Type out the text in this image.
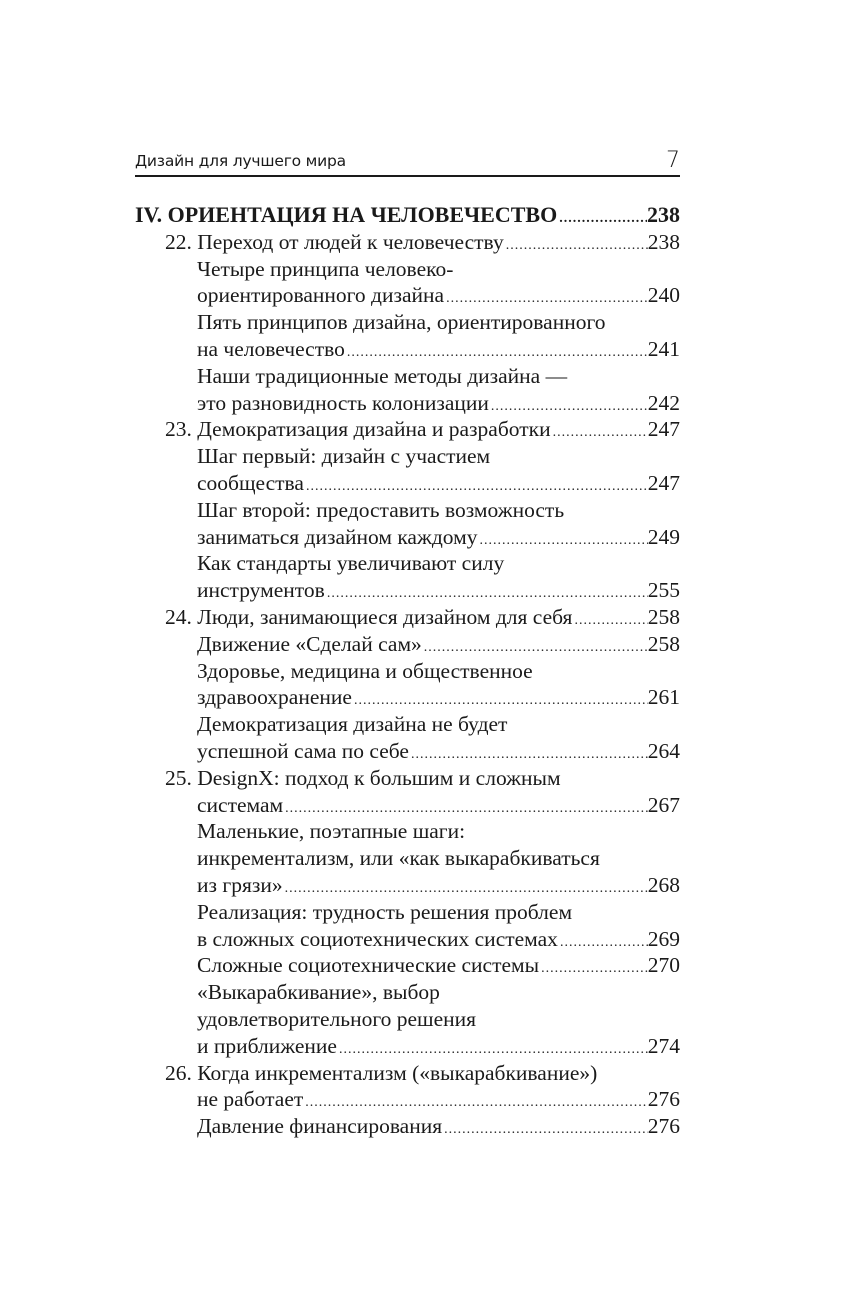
Дизайн для лучшего мира	7
IV. ОРИЕНТАЦИЯ НА ЧЕЛОВЕЧЕСТВО .....	238
22. Переход от людей к человечеству .....	238
Четыре принципа человеко-
ориентированного дизайна .....	240
Пять принципов дизайна, ориентированного
на человечество .....	241
Наши традиционные методы дизайна —
это разновидность колонизации .....	242
23. Демократизация дизайна и разработки .....	247
Шаг первый: дизайн с участием
сообщества .....	247
Шаг второй: предоставить возможность
заниматься дизайном каждому .....	249
Как стандарты увеличивают силу
инструментов .....	255
24. Люди, занимающиеся дизайном для себя .....	258
Движение «Сделай сам» .....	258
Здоровье, медицина и общественное
здравоохранение .....	261
Демократизация дизайна не будет
успешной сама по себе .....	264
25. DesignX: подход к большим и сложным
системам .....	267
Маленькие, поэтапные шаги:
инкрементализм, или «как выкарабкиваться
из грязи» .....	268
Реализация: трудность решения проблем
в сложных социотехнических системах .....	269
Сложные социотехнические системы .....	270
«Выкарабкивание», выбор
удовлетворительного решения
и приближение .....	274
26. Когда инкрементализм («выкарабкивание»)
не работает .....	276
Давление финансирования .....	276
